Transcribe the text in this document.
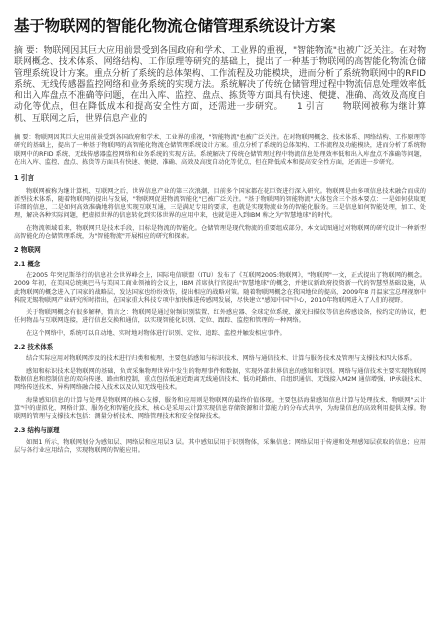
基于物联网的智能化物流仓储管理系统设计方案
摘 要：物联网因其巨大应用前景受到各国政府和学术、工业界的重视，"智能物流"也被广泛关注。在对物联网概念、技术体系、网络结构、工作原理等研究的基础上，提出了一种基于物联网的高智能化物流仓储管理系统设计方案。重点分析了系统的总体架构、工作流程及功能模块，进而分析了系统物联网中的RFID 系统、无线传感器监控网络和业务系统的实现方法。系统解决了传统仓储管理过程中物流信息处理效率低和出入库盘点不准确等问题，在出入库、监控、盘点、拣货等方面具有快速、便捷、准确、高效及高度自动化等优点，但在降低成本和提高安全性方面，还需进一步研究。　　1 引言　　物联网被称为继计算机、互联网之后，世界信息产业的
摘 要：物联网因其巨大应用前景受到各国政府和学术、工业界的重视，"智能物流"也被广泛关注。在对物联网概念、技术体系、网络结构、工作原理等研究的基础上，提出了一种基于物联网的高智能化物流仓储管理系统设计方案。重点分析了系统的总体架构、工作流程及功能模块，进而分析了系统物联网中的RFID 系统、无线传感器监控网络和业务系统的实现方法。系统解决了传统仓储管理过程中物流信息处理效率低和出入库盘点不准确等问题，在出入库、监控、盘点、拣货等方面具有快速、便捷、准确、高效及高度自动化等优点，但在降低成本和提高安全性方面，还需进一步研究。
1 引言
物联网被称为继计算机、互联网之后，世界信息产业的第三次浪潮，目前多个国家都在花巨资进行深入研究。物联网是由多项信息技术融合而成的新型技术体系，随着物联网的提出与发展，"物联网促进物流智能化"已被广泛关注。"基于物联网的智能物流"大体包含三个基本要点：一是如何获取更详细的信息，二是如何高效准确地将信息实现互联互通，三是满足专用的要求，也就是实现物流业务的智能化服务。三是信息如何智能处理，加工、处理，解决各种实际问题，把虚拟世界的信息转化到实体世界的应用中来，也就是进入到IBM 称之为"智慧地球"的时代。
在物流领域看来，物联网只是技术手段，目标是物流的智能化。仓储管理是现代物流的重要组成部分，本文试图通过对物联网的研究设计一种新型高智能化的仓储管理系统，为"智能物流"开展相应的研究和探索。
2 物联网
2.1 概念
在2005 年突尼斯举行的信息社会世界峰会上，国际电信联盟（ITU）发布了《互联网2005:物联网》，"物联网"一文，正式提出了物联网的概念。2009 年初，在美国总统奥巴马与美国工商业领袖的会议上，IBM 首席执行官提出"智慧地球"的概念，并建议新政府投资新一代的智慧型基础设施，从此物联网的概念进入了国家的战略层，发达国家也纷纷效仿，提出相应的战略对策。随着物联网概念在我国地位的提高，2009年8 月温家宝总理视察中科院无锡物联网产业研究所时指出，在国家重大科技专项中加快推进传感网发展，尽快建立"感知中国"中心，2010年物联网进入了人们的视野。
关于物联网概念有很多解释，简言之：物联网是通过射频识别装置、红外感应器、全球定位系统、激光扫描仪等信息传感设备，按约定的协议，把任何物品与互联网连接，进行信息交换和通信，以实现智能化识别、定位、跟踪、监控和管理的一种网络。
在这个网络中，系统可以自动地、实时地对物体进行识别、定位、追踪、监控并触发相应事件。
2.2 技术体系
结合实际应用对物联网涉及的技术进行归类和梳理，主要包括感知与标识技术、网络与通信技术、计算与服务技术及管理与支撑技术四大体系。
感知和标识技术是物联网的基础，负责采集物理世界中发生的物理事件和数据，实现外部世界信息的感知和识别。网络与通信技术主要实现物联网数据信息和控制信息的双向传递、路由和控制，重点包括低速近距离无线通信技术、低功耗路由、自组织通信、无线接入M2M 通信增强、IP承载技术、网络传送技术、异构网络融合接入技术以及认知无线电技术。
海量感知信息的计算与处理是物联网的核心支撑，服务和应用则是物联网的最终价值体现。主要包括海量感知信息计算与处理技术、物联网"云计算"中的虚拟化、网格计算、服务化和智能化技术，核心是采用云计算实现信息存储资源和计算能力的分布式共享，为海量信息的高效利用提供支撑。物联网的管理与支撑技术包括：测量分析技术、网络管理技术和安全保障技术。
2.3 结构与原理
如图1 所示，物联网划分为感知层、网络层和应用层3 层。其中感知层用于识别物体，采集信息；网络层用于传递和处理感知层获取的信息；应用层与各行业应用结合，实现物联网的智能应用。
